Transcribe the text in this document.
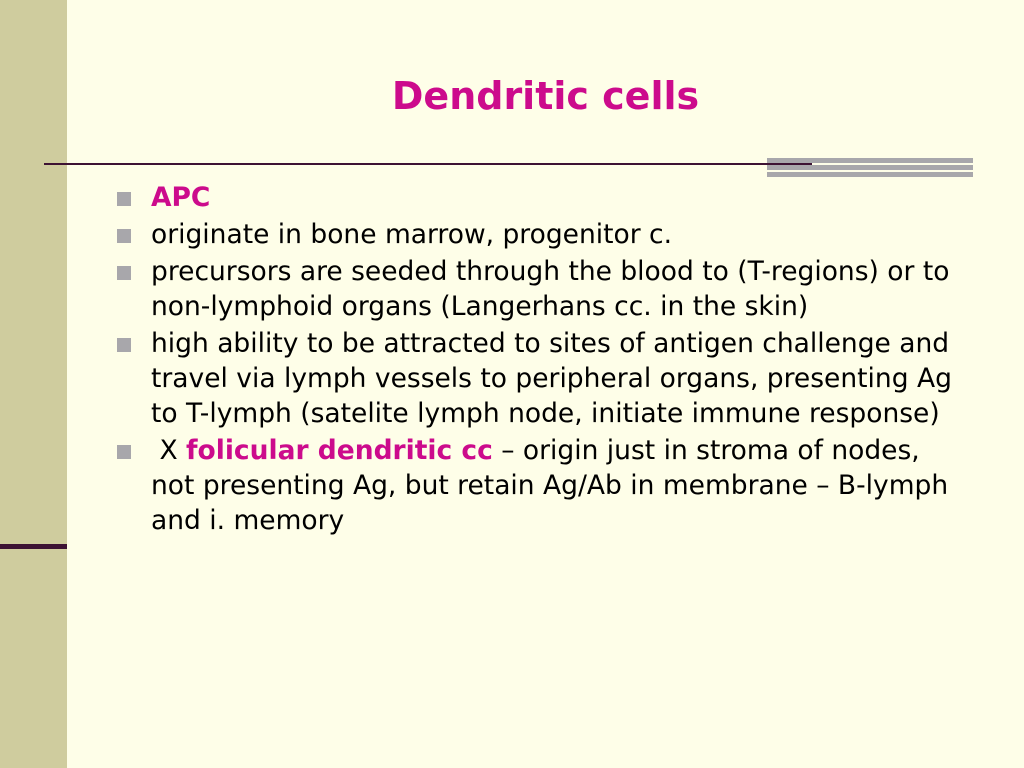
Dendritic cells
APC
originate in bone marrow, progenitor c.
precursors are seeded through the blood to (T-regions) or to non-lymphoid organs (Langerhans cc. in the skin)
high ability to be attracted to sites of antigen challenge and travel via lymph vessels to peripheral organs, presenting Ag to T-lymph (satelite lymph node, initiate immune response)
X folicular dendritic cc – origin just in stroma of nodes, not presenting Ag, but retain Ag/Ab in membrane – B-lymph and i. memory
